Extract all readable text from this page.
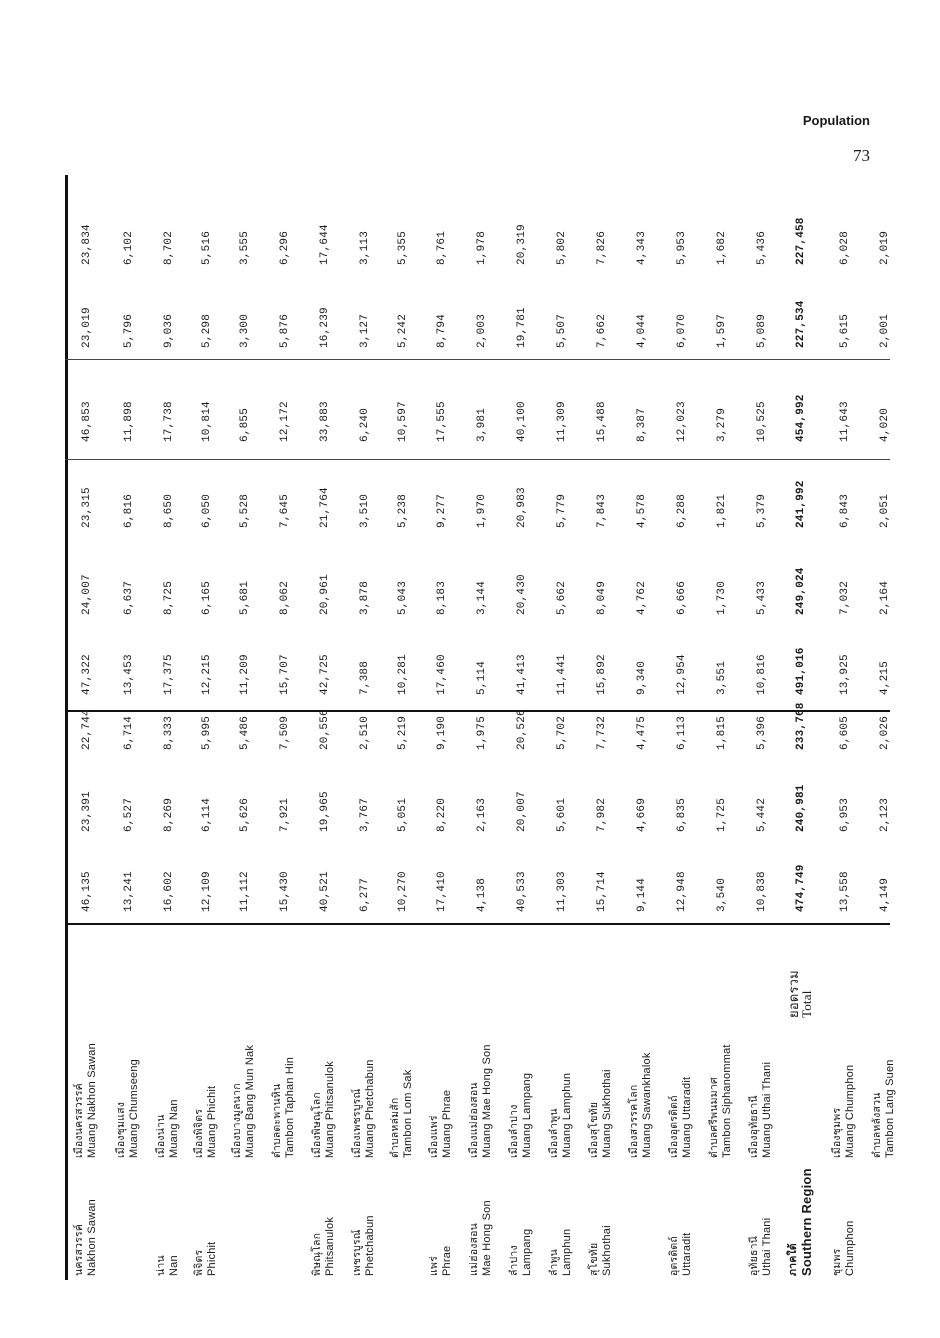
Population
73
นครสวรรค์ Nakhon Sawan
เมืองนครสวรรค์ Muang Nakhon Sawan
46,135
23,391
22,744
47,322
24,007
23,315
46,853
23,019
23,834
เมืองชุมแสง Muang Chumseeng
13,241
6,527
6,714
13,453
6,637
6,816
11,898
5,796
6,102
น่าน Nan
เมืองน่าน Muang Nan
16,602
8,269
8,333
17,375
8,725
8,650
17,738
9,036
8,702
พิจิตร Phichit
เมืองพิจิตร Muang Phichit
12,109
6,114
5,995
12,215
6,165
6,050
10,814
5,298
5,516
เมืองบางมูลนาก Muang Bang Mun Nak
11,112
5,626
5,486
11,209
5,681
5,528
6,855
3,300
3,555
ตำบลตะพานหิน Tambon Taphan Hin
15,430
7,921
7,509
15,707
8,062
7,645
12,172
5,876
6,296
พิษณุโลก Phitsanulok
เมืองพิษณุโลก Muang Phitsanulok
40,521
19,965
20,556
42,725
20,961
21,764
33,883
16,239
17,644
เพชรบูรณ์ Phetchabun
เมืองเพชรบูรณ์ Muang Phetchabun
6,277
3,767
2,510
7,388
3,878
3,510
6,240
3,127
3,113
ตำบลหล่มสัก Tambon Lom Sak
10,270
5,051
5,219
10,281
5,043
5,238
10,597
5,242
5,355
แพร่ Phrae
เมืองแพร่ Muang Phrae
17,410
8,220
9,190
17,460
8,183
9,277
17,555
8,794
8,761
แม่ฮ่องสอน Mae Hong Son
เมืองแม่ฮ่องสอน Muang Mae Hong Son
4,138
2,163
1,975
5,114
3,144
1,970
3,981
2,003
1,978
ลำปาง Lampang
เมืองลำปาง Muang Lampang
40,533
20,007
20,526
41,413
20,430
20,983
40,100
19,781
20,319
ลำพูน Lamphun
เมืองลำพูน Muang Lamphun
11,303
5,601
5,702
11,441
5,662
5,779
11,309
5,507
5,802
สุโขทัย Sukhothai
เมืองสุโขทัย Muang Sukhothai
15,714
7,982
7,732
15,892
8,049
7,843
15,488
7,662
7,826
เมืองสวรรคโลก Muang Sawankhalok
9,144
4,669
4,475
9,340
4,762
4,578
8,387
4,044
4,343
อุตรดิตถ์ Uttaradit
เมืองอุตรดิตถ์ Muang Uttaradit
12,948
6,835
6,113
12,954
6,666
6,288
12,023
6,070
5,953
ตำบลศรีพนมมาศ Tambon Siphanommat
3,540
1,725
1,815
3,551
1,730
1,821
3,279
1,597
1,682
อุทัยธานี Uthai Thani
เมืองอุทัยธานี Muang Uthai Thani
10,838
5,442
5,396
10,816
5,433
5,379
10,525
5,089
5,436
ภาคใต้ Southern Region
ยอดรวม
Total
474,749
240,981
233,768
491,016
249,024
241,992
454,992
227,534
227,458
ชุมพร Chumphon
เมืองชุมพร Muang Chumphon
13,558
6,953
6,605
13,925
7,032
6,843
11,643
5,615
6,028
ตำบลหลังสวน Tambon Lang Suen
4,149
2,123
2,026
4,215
2,164
2,051
4,020
2,001
2,019
